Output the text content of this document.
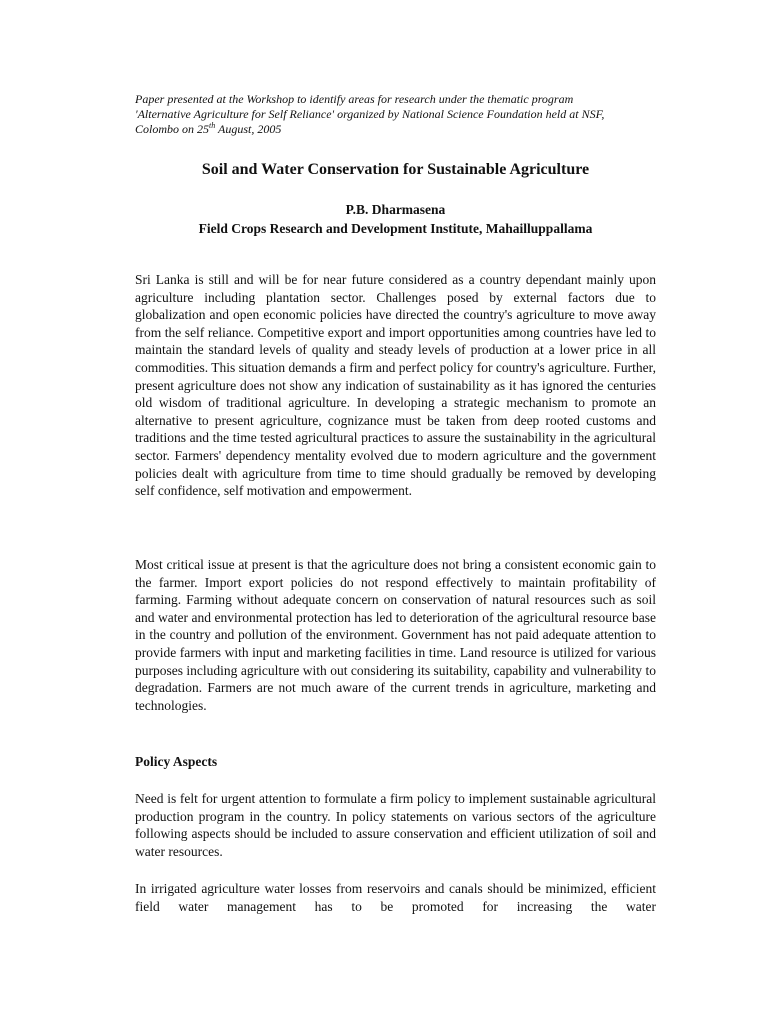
Paper presented at the Workshop to identify areas for research under the thematic program
'Alternative Agriculture for Self Reliance' organized by National Science Foundation held at NSF,
Colombo on 25th August, 2005
Soil and Water Conservation for Sustainable Agriculture
P.B. Dharmasena
Field Crops Research and Development Institute, Mahailluppallama
Sri Lanka is still and will be for near future considered as a country dependant mainly upon agriculture including plantation sector. Challenges posed by external factors due to globalization and open economic policies have directed the country's agriculture to move away from the self reliance. Competitive export and import opportunities among countries have led to maintain the standard levels of quality and steady levels of production at a lower price in all commodities. This situation demands a firm and perfect policy for country's agriculture. Further, present agriculture does not show any indication of sustainability as it has ignored the centuries old wisdom of traditional agriculture. In developing a strategic mechanism to promote an alternative to present agriculture, cognizance must be taken from deep rooted customs and traditions and the time tested agricultural practices to assure the sustainability in the agricultural sector. Farmers' dependency mentality evolved due to modern agriculture and the government policies dealt with agriculture from time to time should gradually be removed by developing self confidence, self motivation and empowerment.
Most critical issue at present is that the agriculture does not bring a consistent economic gain to the farmer. Import export policies do not respond effectively to maintain profitability of farming. Farming without adequate concern on conservation of natural resources such as soil and water and environmental protection has led to deterioration of the agricultural resource base in the country and pollution of the environment. Government has not paid adequate attention to provide farmers with input and marketing facilities in time. Land resource is utilized for various purposes including agriculture with out considering its suitability, capability and vulnerability to degradation. Farmers are not much aware of the current trends in agriculture, marketing and technologies.
Policy Aspects
Need is felt for urgent attention to formulate a firm policy to implement sustainable agricultural production program in the country. In policy statements on various sectors of the agriculture following aspects should be included to assure conservation and efficient utilization of soil and water resources.
In irrigated agriculture water losses from reservoirs and canals should be minimized, efficient field water management has to be promoted for increasing the water
